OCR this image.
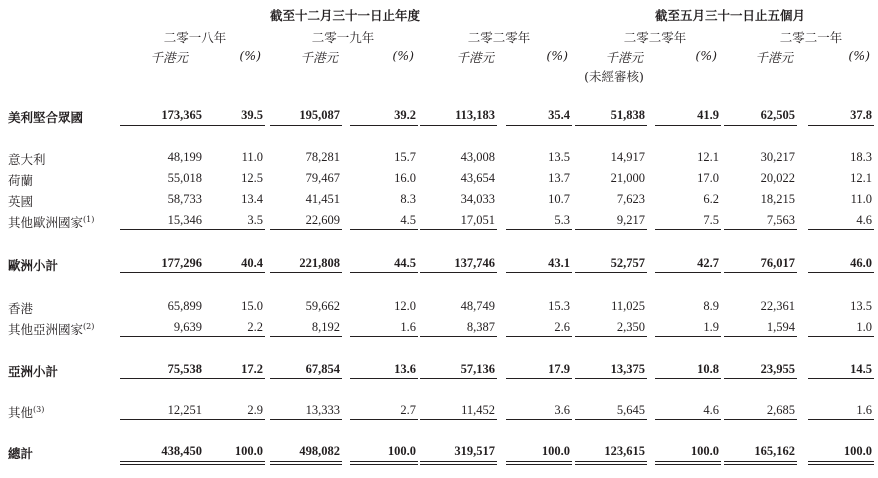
截至十二月三十一日止年度	截至五月三十一日止五個月
二零一八年	二零一九年	二零二零年	二零二零年	二零二一年
千港元	(%)	千港元	(%)	千港元	(%)	千港元	(%)	千港元	(%)
(未經審核)
美利堅合眾國	173,365	39.5	195,087	39.2	113,183	35.4	51,838	41.9	62,505	37.8
意大利	48,199	11.0	78,281	15.7	43,008	13.5	14,917	12.1	30,217	18.3
荷蘭	55,018	12.5	79,467	16.0	43,654	13.7	21,000	17.0	20,022	12.1
英國	58,733	13.4	41,451	8.3	34,033	10.7	7,623	6.2	18,215	11.0
其他歐洲國家$^{(1)}$	15,346	3.5	22,609	4.5	17,051	5.3	9,217	7.5	7,563	4.6
歐洲小計	177,296	40.4	221,808	44.5	137,746	43.1	52,757	42.7	76,017	46.0
香港	65,899	15.0	59,662	12.0	48,749	15.3	11,025	8.9	22,361	13.5
其他亞洲國家$^{(2)}$	9,639	2.2	8,192	1.6	8,387	2.6	2,350	1.9	1,594	1.0
亞洲小計	75,538	17.2	67,854	13.6	57,136	17.9	13,375	10.8	23,955	14.5
其他$^{(3)}$	12,251	2.9	13,333	2.7	11,452	3.6	5,645	4.6	2,685	1.6
總計	438,450	100.0	498,082	100.0	319,517	100.0	123,615	100.0	165,162	100.0
